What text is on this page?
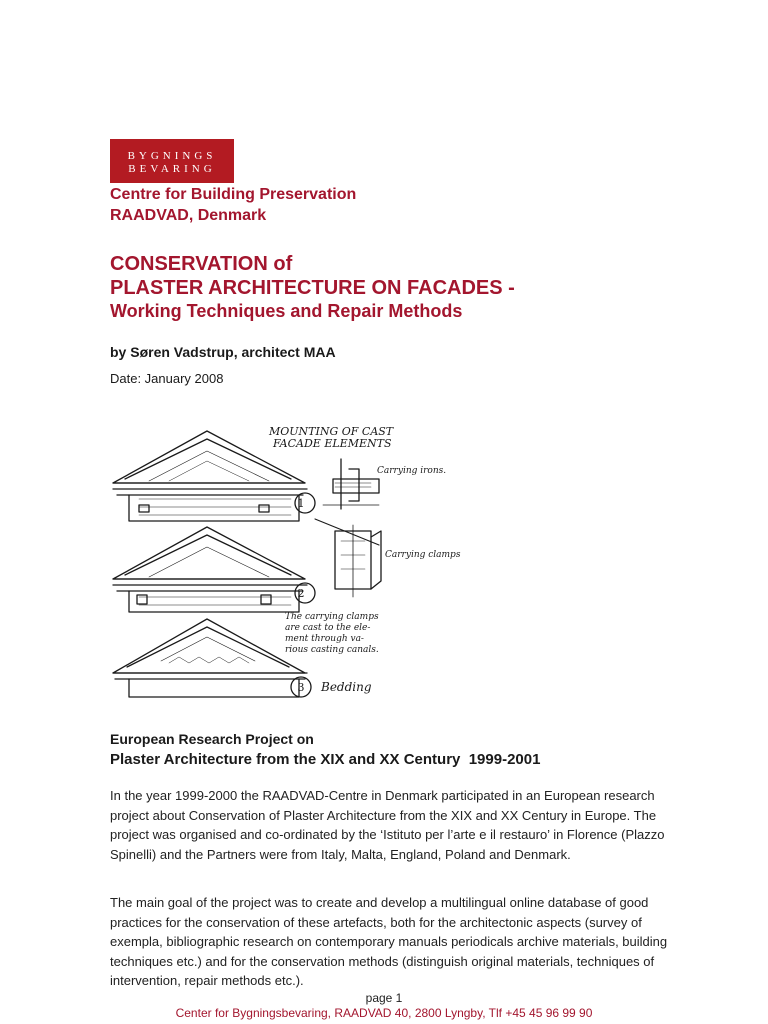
BYGNINGS
BEVARING
Centre for Building Preservation
RAADVAD, Denmark
CONSERVATION of
PLASTER ARCHITECTURE ON FACADES -
Working Techniques and Repair Methods
by Søren Vadstrup, architect MAA
Date: January 2008
MOUNTING OF CAST
FACADE ELEMENTS
Carrying irons.
Carrying clamps
The carrying clamps
are cast to the ele-
ment through va-
rious casting canals.
1
2
3 Bedding
European Research Project on
Plaster Architecture from the XIX and XX Century 1999-2001
In the year 1999-2000 the RAADVAD-Centre in Denmark participated in an European research project about Conservation of Plaster Architecture from the XIX and XX Century in Europe. The project was organised and co-ordinated by the ‘Istituto per l’arte e il restauro’ in Florence (Plazzo Spinelli) and the Partners were from Italy, Malta, England, Poland and Denmark.
The main goal of the project was to create and develop a multilingual online database of good practices for the conservation of these artefacts, both for the architectonic aspects (survey of exempla, bibliographic research on contemporary manuals periodicals archive materials, building techniques etc.) and for the conservation methods (distinguish original materials, techniques of intervention, repair methods etc.).
page 1
Center for Bygningsbevaring, RAADVAD 40, 2800 Lyngby, Tlf +45 45 96 99 90
